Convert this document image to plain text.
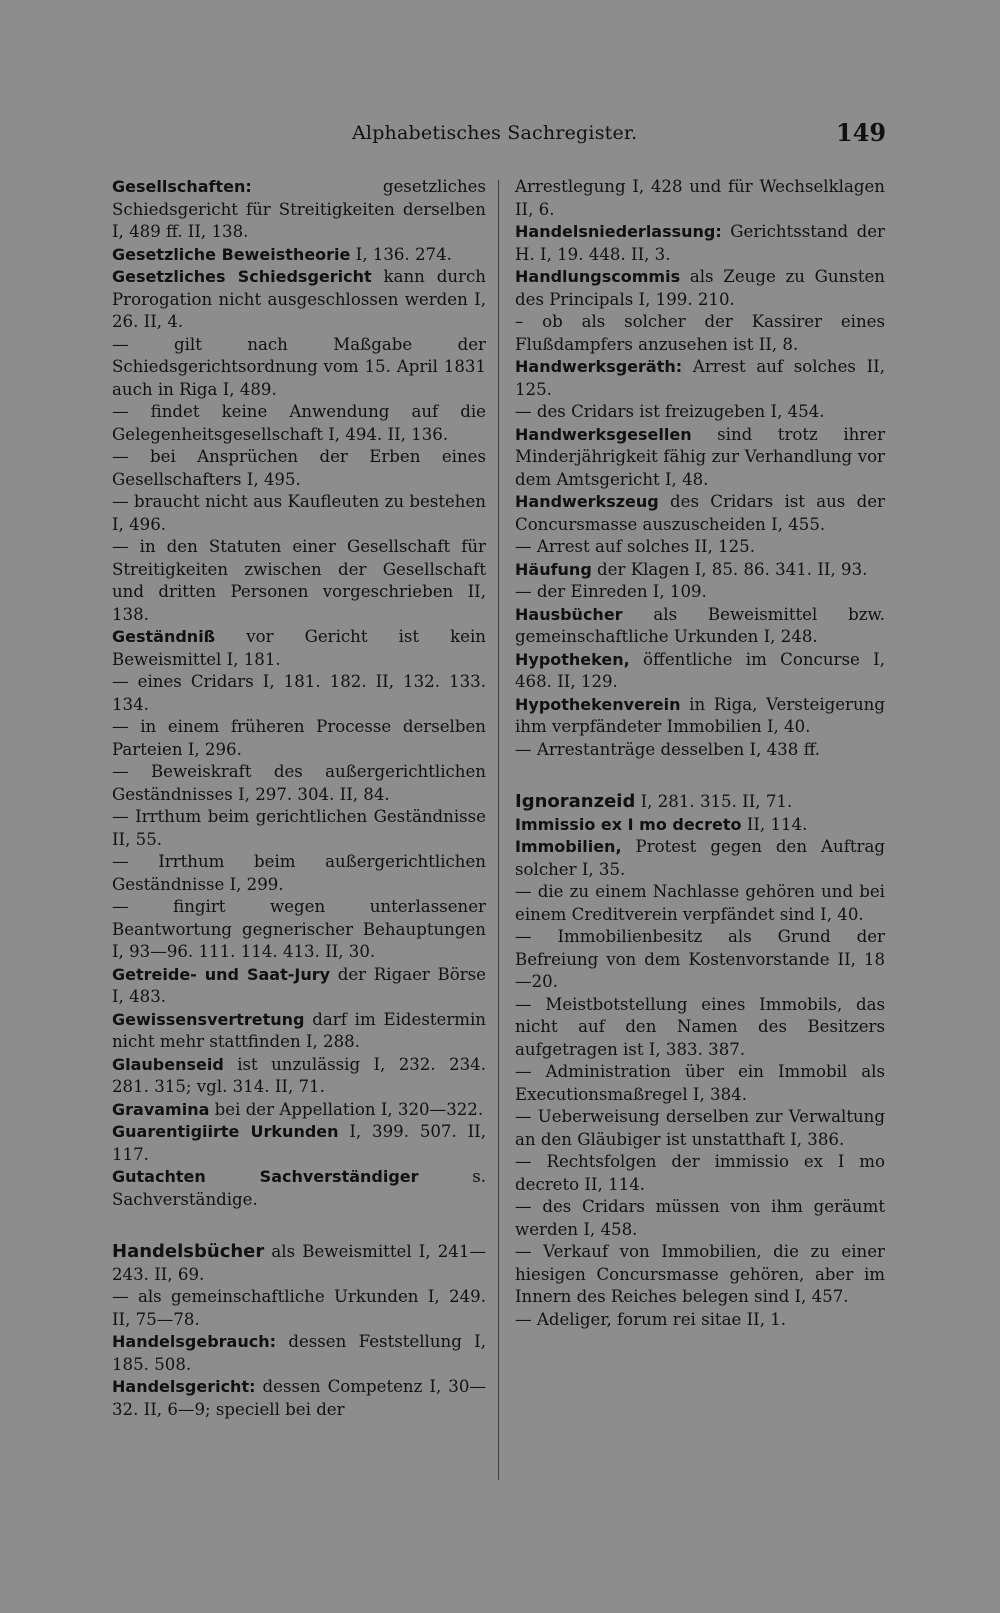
Alphabetisches Sachregister.	149
Gesellschaften: gesetzliches Schiedsgericht für Streitigkeiten derselben I, 489 ff. II, 138.
Gesetzliche Beweistheorie I, 136. 274.
Gesetzliches Schiedsgericht kann durch Prorogation nicht ausgeschlossen werden I, 26. II, 4.
— gilt nach Maßgabe der Schiedsgerichtsordnung vom 15. April 1831 auch in Riga I, 489.
— findet keine Anwendung auf die Gelegenheitsgesellschaft I, 494. II, 136.
— bei Ansprüchen der Erben eines Gesellschafters I, 495.
— braucht nicht aus Kaufleuten zu bestehen I, 496.
— in den Statuten einer Gesellschaft für Streitigkeiten zwischen der Gesellschaft und dritten Personen vorgeschrieben II, 138.
Geständniß vor Gericht ist kein Beweismittel I, 181.
— eines Cridars I, 181. 182. II, 132. 133. 134.
— in einem früheren Processe derselben Parteien I, 296.
— Beweiskraft des außergerichtlichen Geständnisses I, 297. 304. II, 84.
— Irrthum beim gerichtlichen Geständnisse II, 55.
— Irrthum beim außergerichtlichen Geständnisse I, 299.
— fingirt wegen unterlassener Beantwortung gegnerischer Behauptungen I, 93—96. 111. 114. 413. II, 30.
Getreide- und Saat-Jury der Rigaer Börse I, 483.
Gewissensvertretung darf im Eidestermin nicht mehr stattfinden I, 288.
Glaubenseid ist unzulässig I, 232. 234. 281. 315; vgl. 314. II, 71.
Gravamina bei der Appellation I, 320—322.
Guarentigiirte Urkunden I, 399. 507. II, 117.
Gutachten Sachverständiger s. Sachverständige.
Handelsbücher als Beweismittel I, 241—243. II, 69.
— als gemeinschaftliche Urkunden I, 249. II, 75—78.
Handelsgebrauch: dessen Feststellung I, 185. 508.
Handelsgericht: dessen Competenz I, 30—32. II, 6—9; speciell bei der
Arrestlegung I, 428 und für Wechselklagen II, 6.
Handelsniederlassung: Gerichtsstand der H. I, 19. 448. II, 3.
Handlungscommis als Zeuge zu Gunsten des Principals I, 199. 210.
– ob als solcher der Kassirer eines Flußdampfers anzusehen ist II, 8.
Handwerksgeräth: Arrest auf solches II, 125.
— des Cridars ist freizugeben I, 454.
Handwerksgesellen sind trotz ihrer Minderjährigkeit fähig zur Verhandlung vor dem Amtsgericht I, 48.
Handwerkszeug des Cridars ist aus der Concursmasse auszuscheiden I, 455.
— Arrest auf solches II, 125.
Häufung der Klagen I, 85. 86. 341. II, 93.
— der Einreden I, 109.
Hausbücher als Beweismittel bzw. gemeinschaftliche Urkunden I, 248.
Hypotheken, öffentliche im Concurse I, 468. II, 129.
Hypothekenverein in Riga, Versteigerung ihm verpfändeter Immobilien I, 40.
— Arrestanträge desselben I, 438 ff.
Ignoranzeid I, 281. 315. II, 71.
Immissio ex I mo decreto II, 114.
Immobilien, Protest gegen den Auftrag solcher I, 35.
— die zu einem Nachlasse gehören und bei einem Creditverein verpfändet sind I, 40.
— Immobilienbesitz als Grund der Befreiung von dem Kostenvorstande II, 18—20.
— Meistbotstellung eines Immobils, das nicht auf den Namen des Besitzers aufgetragen ist I, 383. 387.
— Administration über ein Immobil als Executionsmaßregel I, 384.
— Ueberweisung derselben zur Verwaltung an den Gläubiger ist unstatthaft I, 386.
— Rechtsfolgen der immissio ex I mo decreto II, 114.
— des Cridars müssen von ihm geräumt werden I, 458.
— Verkauf von Immobilien, die zu einer hiesigen Concursmasse gehören, aber im Innern des Reiches belegen sind I, 457.
— Adeliger, forum rei sitae II, 1.
